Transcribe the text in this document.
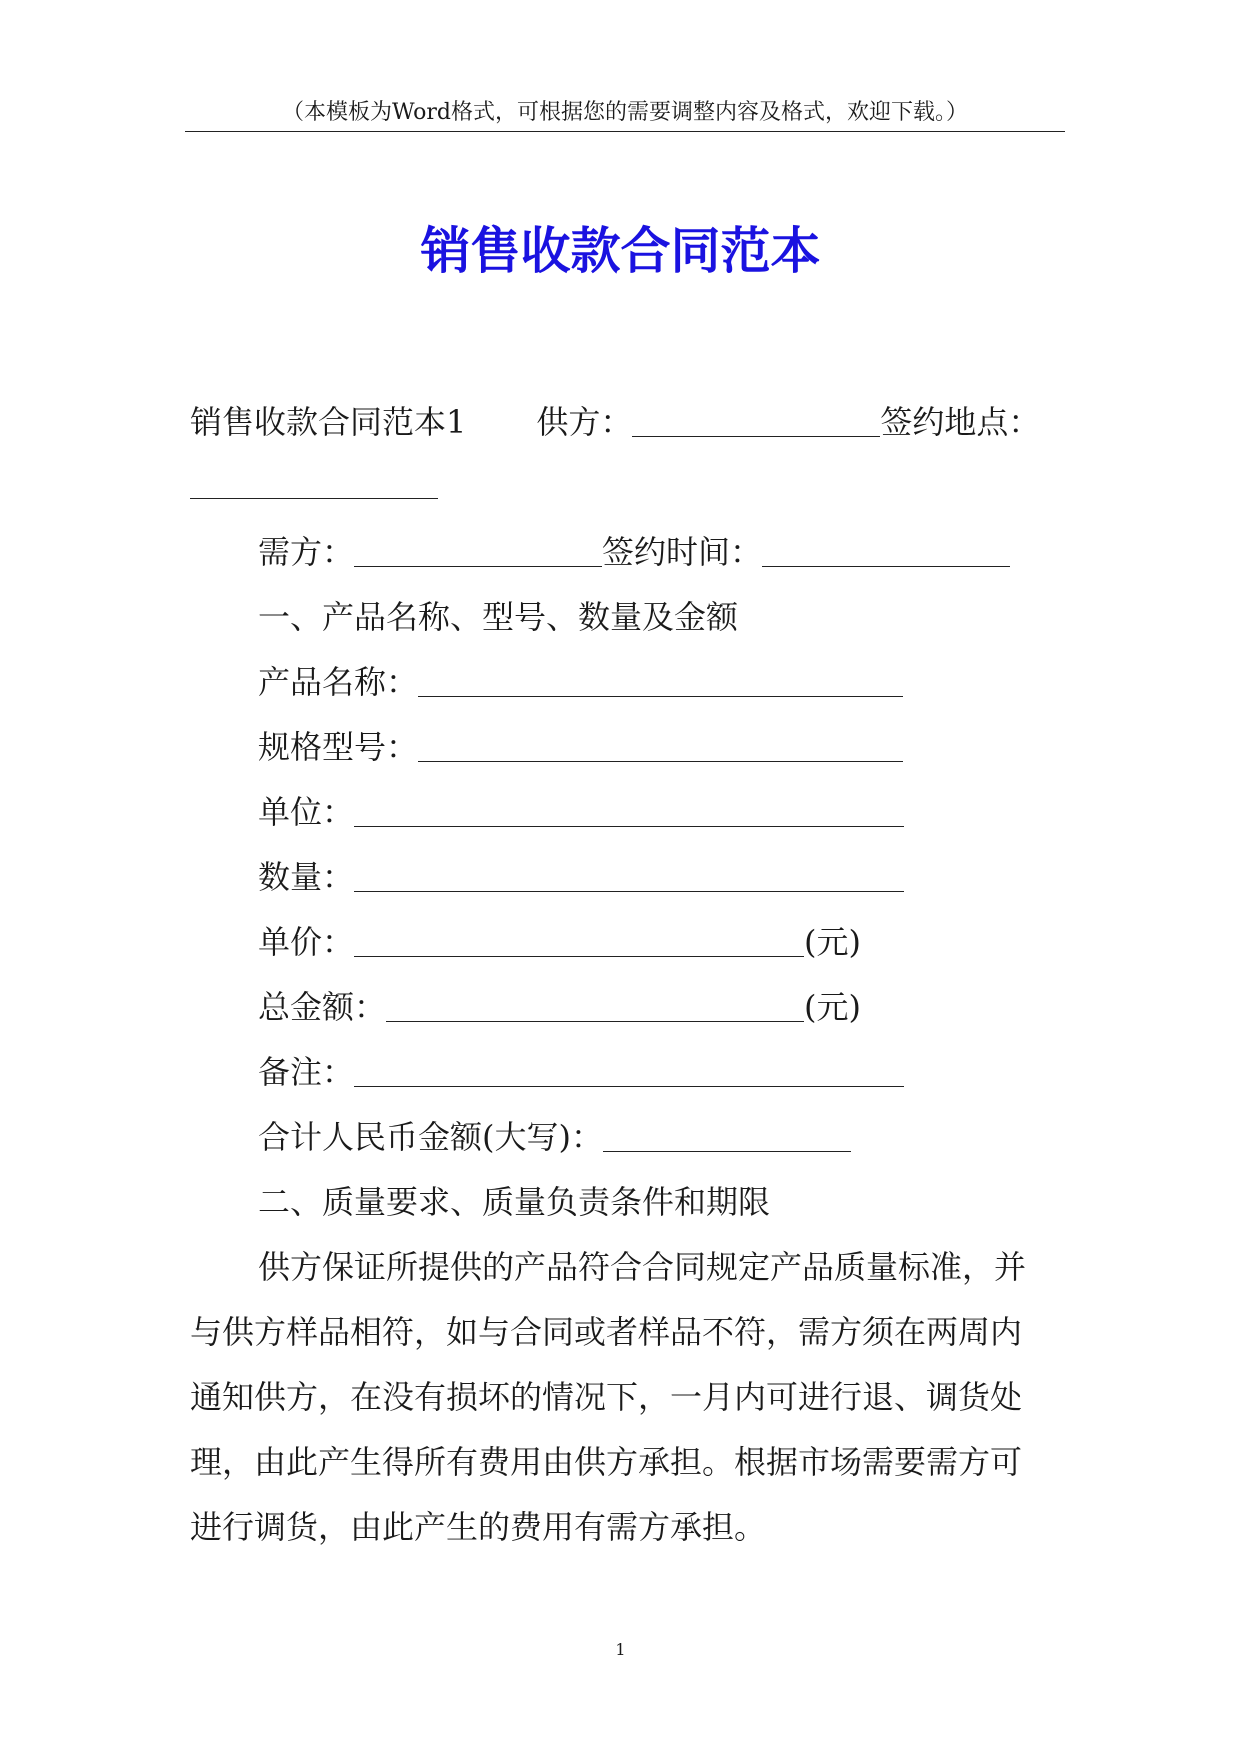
（本模板为Word格式，可根据您的需要调整内容及格式，欢迎下载。）
销售收款合同范本
销售收款合同范本1 供方：	签约地点：
需方：	签约时间：
一、产品名称、型号、数量及金额
产品名称：
规格型号：
单位：
数量：
单价：	(元)
总金额：	(元)
备注：
合计人民币金额(大写)：
二、质量要求、质量负责条件和期限
供方保证所提供的产品符合合同规定产品质量标准，并
与供方样品相符，如与合同或者样品不符，需方须在两周内
通知供方，在没有损坏的情况下，一月内可进行退、调货处
理，由此产生得所有费用由供方承担。根据市场需要需方可
进行调货，由此产生的费用有需方承担。
1
